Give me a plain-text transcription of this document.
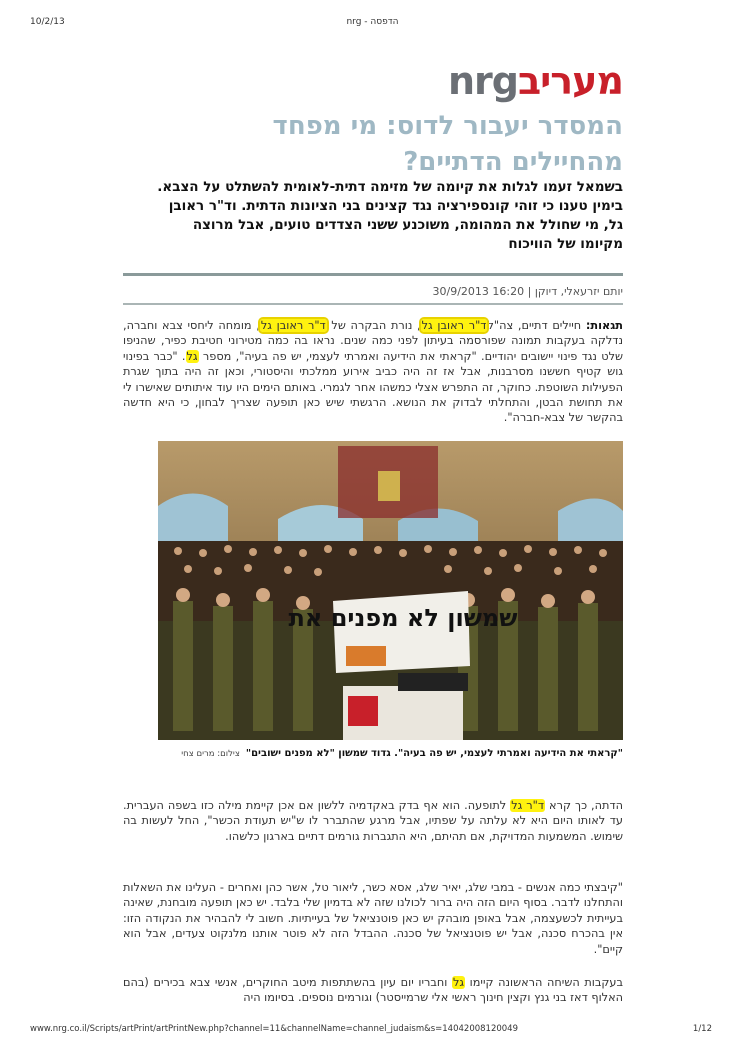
10/2/13	nrg - הדפסה
nrgמעריב
המסדר יעבור לדוס: מי מפחד מהחיילים הדתיים?
בשמאל זעמו לגלות את קיומה של מזימה דתית-לאומית להשתלט על הצבא. בימין טענו כי זוהי קונספירציה נגד קצינים בני הציונות הדתית. וד"ר ראובן גל, מי שחולל את המהומה, משוכנע ששני הצדדים טועים, אבל מרוצה מקיומו של הוויכוח
יותם יזרעאלי, דיוקן | 16:20 30/9/2013
תגאות: חיילים דתיים, צה"לד"ר ראובן גל, נורת הבקרה של ד"ר ראובן גל, מומחה ליחסי צבא וחברה, נדלקה בעקבות תמונה שפורסמה בעיתון לפני כמה שנים. נראו בה כמה מטירוני חטיבת כפיר, שהניפו שלט נגד פינוי יישובים יהודיים. "קראתי את הידיעה ואמרתי לעצמי, יש פה בעיה", מספר גל. "כבר בפינוי גוש קטיף חששנו מסרבנות, אבל אז זה היה כביב אירוע ממלכתי והיסטורי, וכאן זה היה בתוך שגרת הפעילות השוטפת. כחוקר, זה התפרש אצלי כמשהו אחר לגמרי. באותם הימים היו עוד איתותים שאישרו לי את תחושת הבטן, והתחלתי לבדוק את הנושא. הרגשתי שיש כאן תופעה שצריך לבחון, כי היא חדשה בהקשר של צבא-חברה".
שמשון לא מפנים את
"קראתי את הידיעה ואמרתי לעצמי, יש פה בעיה". גדוד שמשון "לא מפנים ישובים"צילום: מרים צחי
הדתה, כך קרא ד"ר גל לתופעה. הוא אף בדק באקדמיה ללשון אם אכן קיימת מילה כזו בשפה העברית. עד לאותו היום היא לא עלתה על שפתיו, אבל מרגע שהתברר לו ש"יש תעודת הכשר", החל לעשות בה שימוש. המשמעות המדויקת, אם תהיתם, היא התגברות גורמים דתיים בארגון כלשהו.
"קיבצתי כמה אנשים - במבי שלג, יאיר שלג, אסא כשר, ליאור טל, אשר כהן ואחרים - העלינו את השאלות והתחלנו לדבר. בסוף היום הזה היה ברור לכולנו שזה לא בדמיון שלי בלבד. יש כאן תופעה מובחנת, שאינה בעייתית לכשעצמה, אבל באופן מובהק יש כאן פוטנציאל של בעייתיות. חשוב לי להבהיר את הנקודה הזו: אין בהכרח סכנה, אבל יש פוטנציאל של סכנה. ההבדל הזה לא פוטר אותנו מלנקוט צעדים, אבל הוא קיים".
בעקבות השיחה הראשונה קיימו גל וחבריו יום עיון בהשתתפות מיטב החוקרים, אנשי צבא בכירים (בהם האלוף דאז בני גנץ וקצין חינוך ראשי אלי שרמייסטר) וגורמים נוספים. בסיומו היה
www.nrg.co.il/Scripts/artPrint/artPrintNew.php?channel=11&channelName=channel_judaism&s=14042008120049	1/12
